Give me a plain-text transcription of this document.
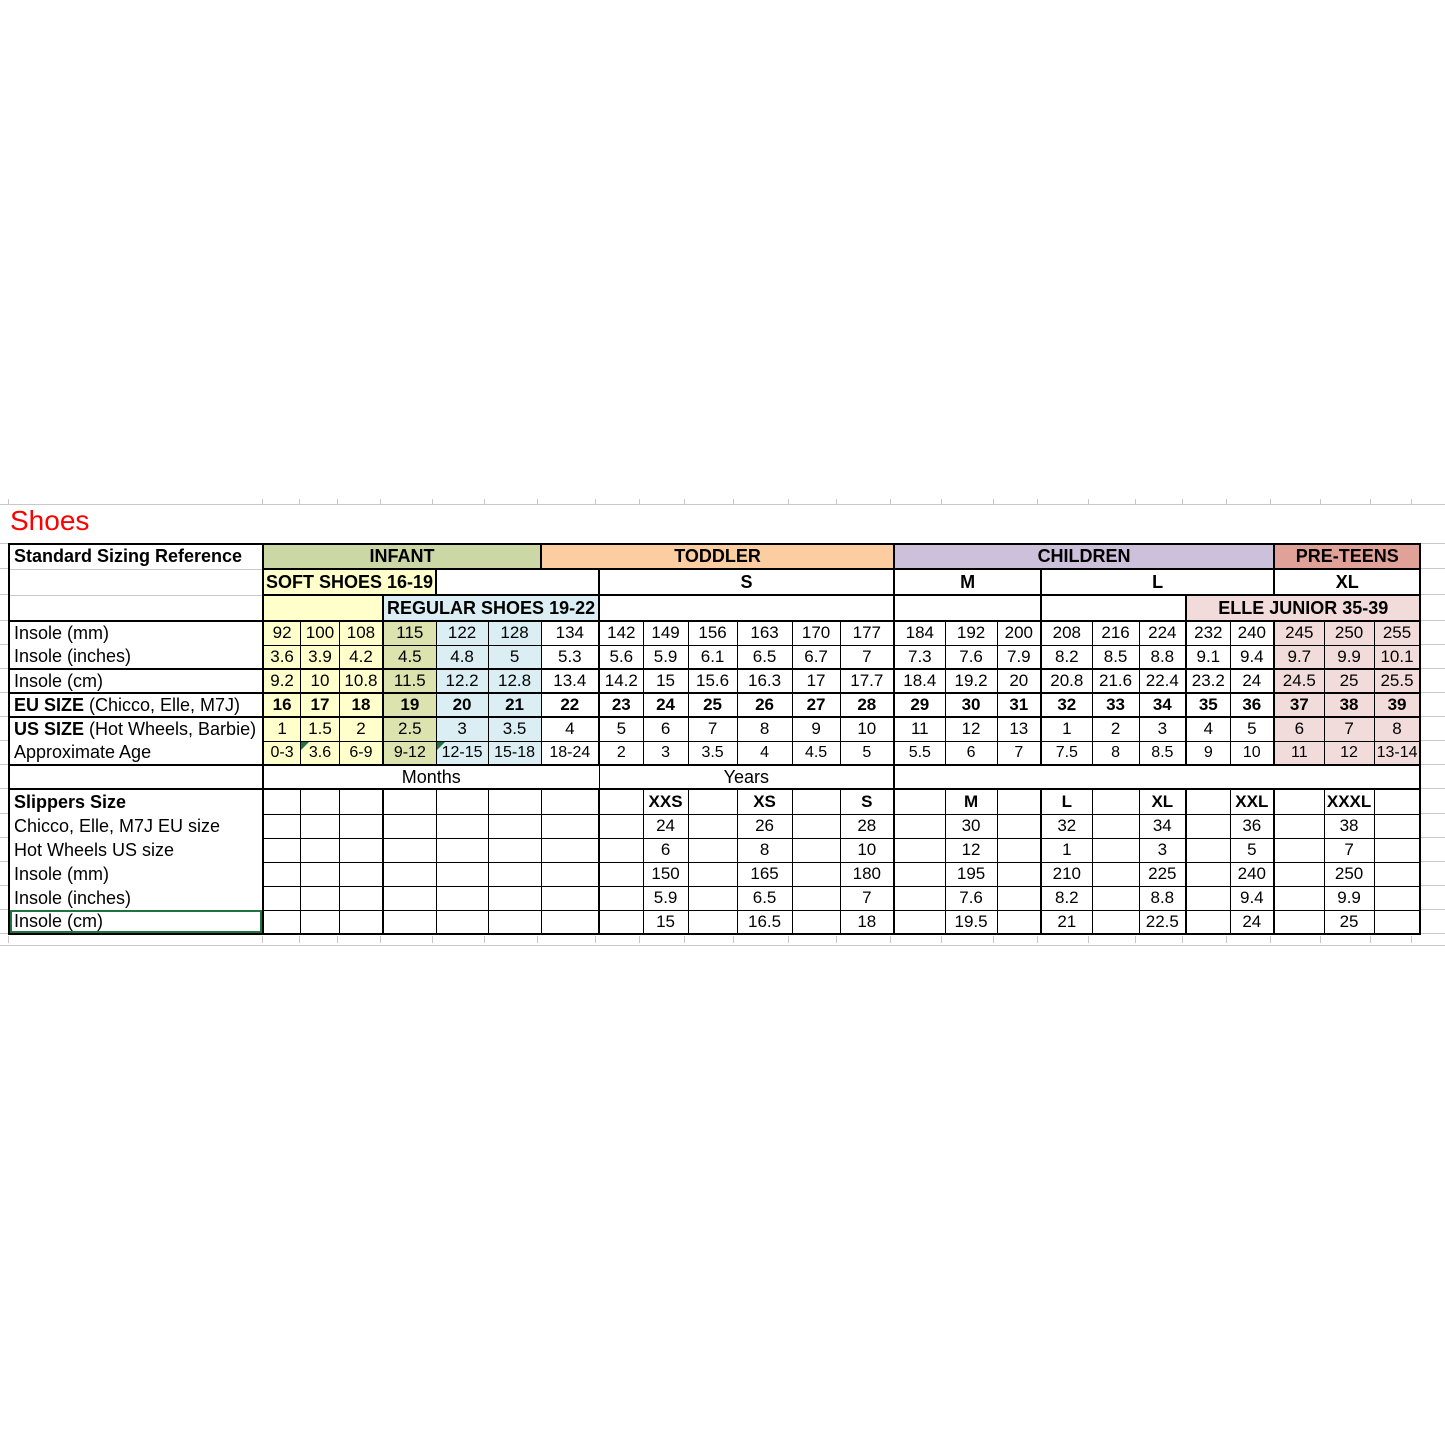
Shoes
Standard Sizing Reference	INFANT						TODDLER							CHILDREN								PRE-TEENS		
	SOFT SHOES 16-19							S						M			L					XL		
				REGULAR SHOES 19-22																ELLE JUNIOR 35-39				
Insole (mm)	92	100	108	115	122	128	134	142	149	156	163	170	177	184	192	200	208	216	224	232	240	245	250	255
Insole (inches)	3.6	3.9	4.2	4.5	4.8	5	5.3	5.6	5.9	6.1	6.5	6.7	7	7.3	7.6	7.9	8.2	8.5	8.8	9.1	9.4	9.7	9.9	10.1
Insole (cm)	9.2	10	10.8	11.5	12.2	12.8	13.4	14.2	15	15.6	16.3	17	17.7	18.4	19.2	20	20.8	21.6	22.4	23.2	24	24.5	25	25.5
EU SIZE (Chicco, Elle, M7J)	16	17	18	19	20	21	22	23	24	25	26	27	28	29	30	31	32	33	34	35	36	37	38	39
US SIZE (Hot Wheels, Barbie)	1	1.5	2	2.5	3	3.5	4	5	6	7	8	9	10	11	12	13	1	2	3	4	5	6	7	8
Approximate Age	0-3	3.6	6-9	9-12	12-15	15-18	18-24	2	3	3.5	4	4.5	5	5.5	6	7	7.5	8	8.5	9	10	11	12	13-14
	Months							Years																
Slippers Size									XXS		XS		S		M		L		XL		XXL		XXXL	
Chicco, Elle, M7J EU size									24		26		28		30		32		34		36		38	
Hot Wheels US size									6		8		10		12		1		3		5		7	
Insole (mm)									150		165		180		195		210		225		240		250	
Insole (inches)									5.9		6.5		7		7.6		8.2		8.8		9.4		9.9	
Insole (cm)									15		16.5		18		19.5		21		22.5		24		25	
